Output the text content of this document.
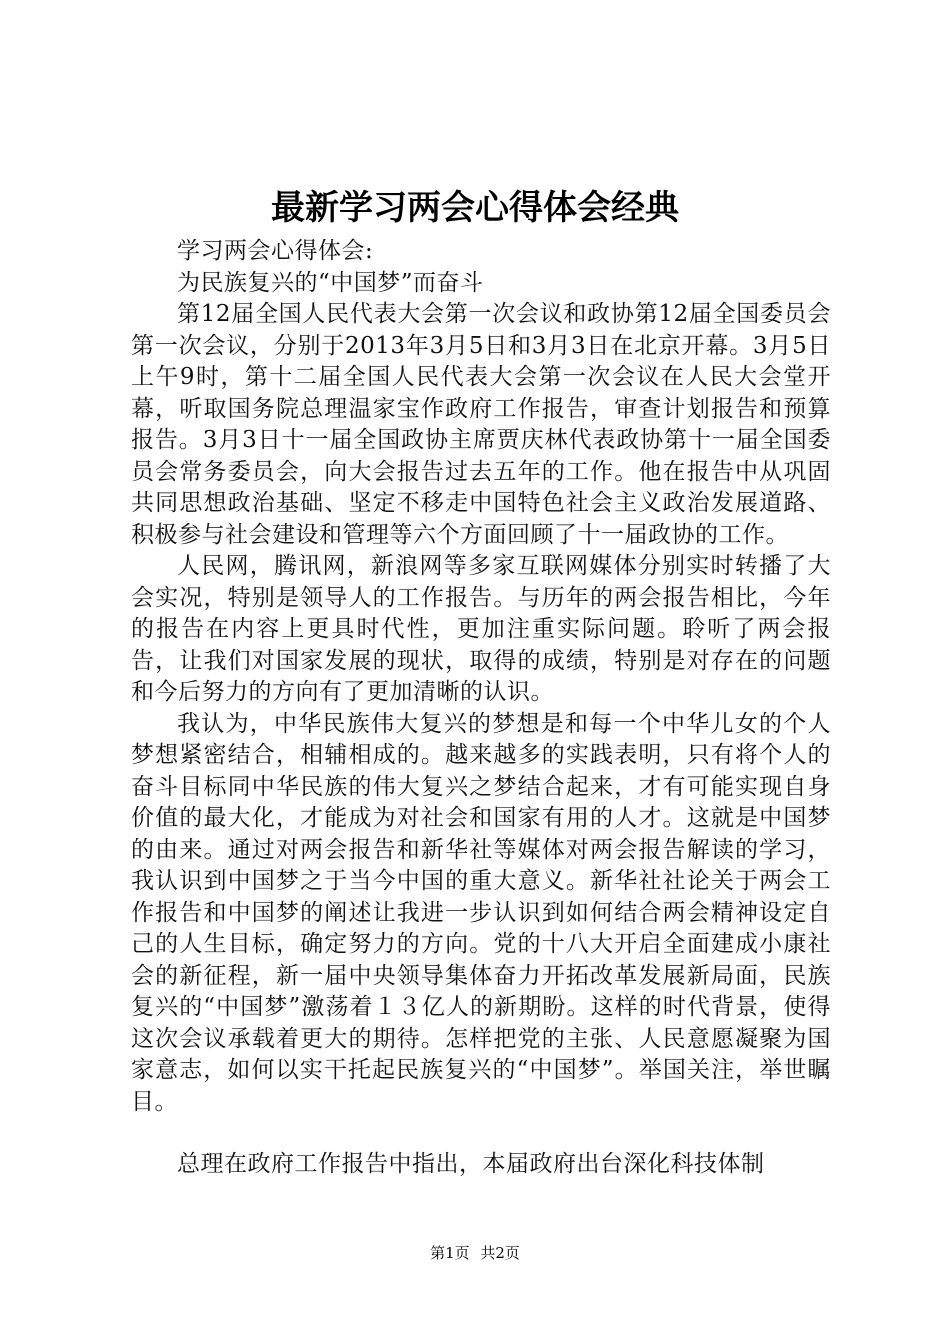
最新学习两会心得体会经典

学习两会心得体会:

为民族复兴的“中国梦”而奋斗

第12届全国人民代表大会第一次会议和政协第12届全国委员会第一次会议，分别于2013年3月5日和3月3日在北京开幕。3月5日上午9时，第十二届全国人民代表大会第一次会议在人民大会堂开幕，听取国务院总理温家宝作政府工作报告，审查计划报告和预算报告。3月3日十一届全国政协主席贾庆林代表政协第十一届全国委员会常务委员会，向大会报告过去五年的工作。他在报告中从巩固共同思想政治基础、坚定不移走中国特色社会主义政治发展道路、积极参与社会建设和管理等六个方面回顾了十一届政协的工作。

人民网，腾讯网，新浪网等多家互联网媒体分别实时转播了大会实况，特别是领导人的工作报告。与历年的两会报告相比，今年的报告在内容上更具时代性，更加注重实际问题。聆听了两会报告，让我们对国家发展的现状，取得的成绩，特别是对存在的问题和今后努力的方向有了更加清晰的认识。

我认为，中华民族伟大复兴的梦想是和每一个中华儿女的个人梦想紧密结合，相辅相成的。越来越多的实践表明，只有将个人的奋斗目标同中华民族的伟大复兴之梦结合起来，才有可能实现自身价值的最大化，才能成为对社会和国家有用的人才。这就是中国梦的由来。通过对两会报告和新华社等媒体对两会报告解读的学习，我认识到中国梦之于当今中国的重大意义。新华社社论关于两会工作报告和中国梦的阐述让我进一步认识到如何结合两会精神设定自己的人生目标，确定努力的方向。党的十八大开启全面建成小康社会的新征程，新一届中央领导集体奋力开拓改革发展新局面，民族复兴的“中国梦”激荡着１３亿人的新期盼。这样的时代背景，使得这次会议承载着更大的期待。怎样把党的主张、人民意愿凝聚为国家意志，如何以实干托起民族复兴的“中国梦”。举国关注，举世瞩目。

总理在政府工作报告中指出，本届政府出台深化科技体制

第1页 共2页
